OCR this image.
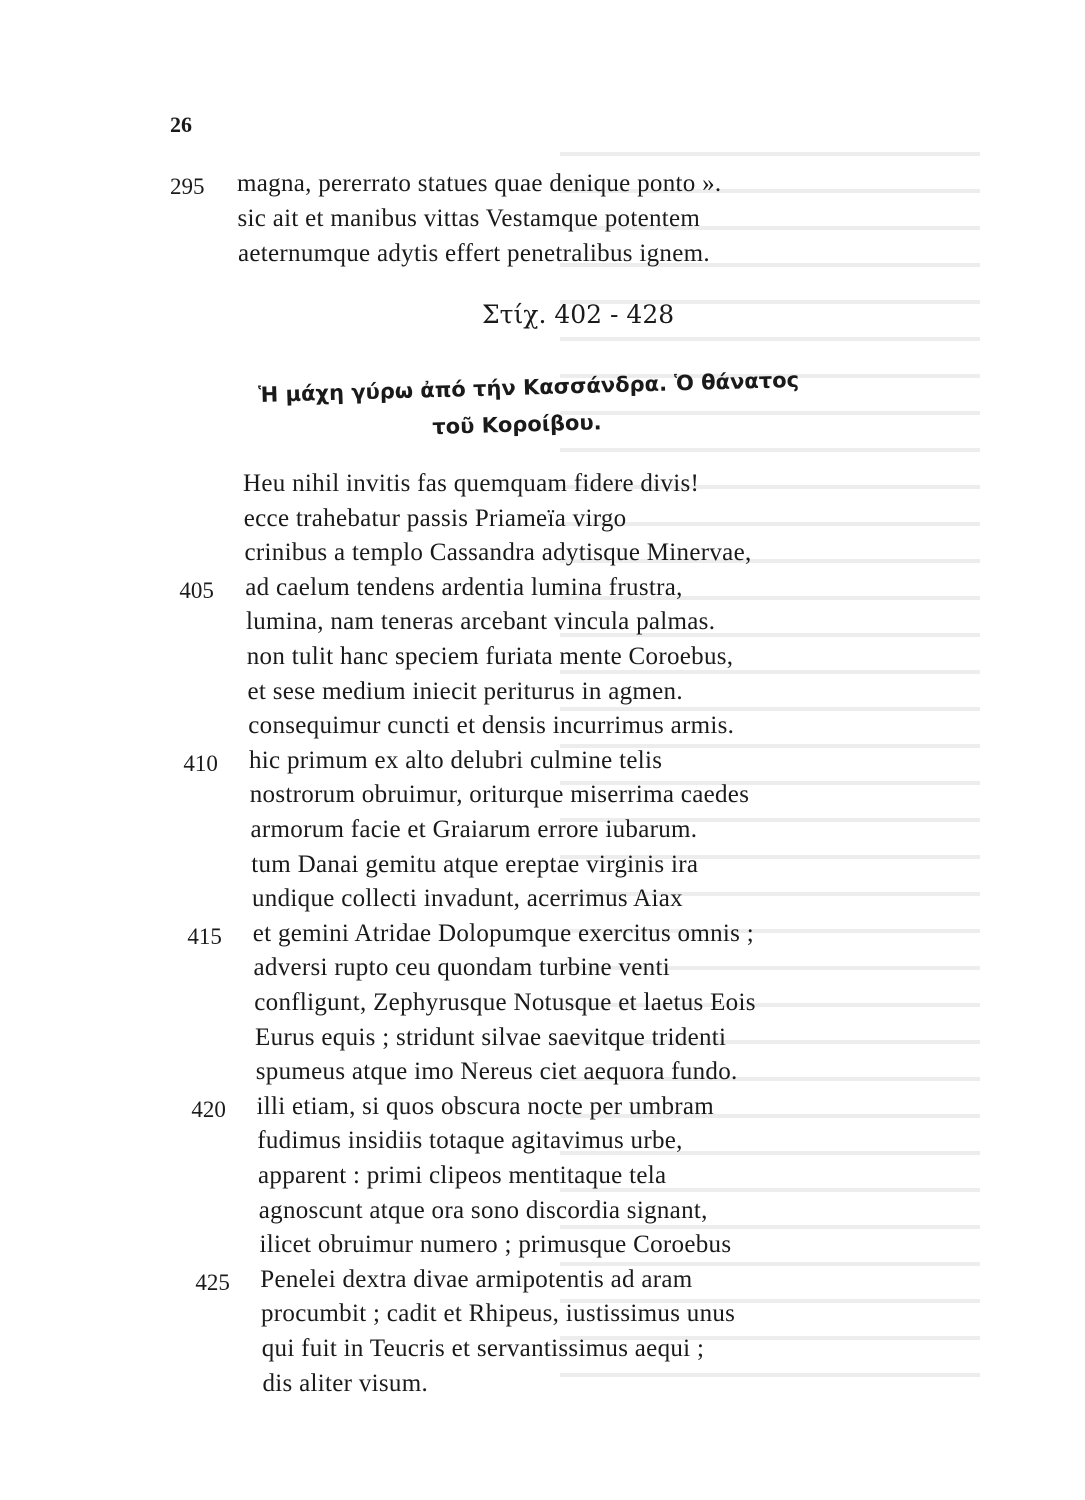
26
295 magna, pererrato statues quae denique ponto ».
sic ait et manibus vittas Vestamque potentem
aeternumque adytis effert penetralibus ignem.
Στίχ. 402 - 428
Ἡ μάχη γύρω ἀπό τήν Κασσάνδρα. Ὁ θάνατος
τοῦ Κοροίβου.
Heu nihil invitis fas quemquam fidere divis!
ecce trahebatur passis Priameïa virgo
crinibus a templo Cassandra adytisque Minervae,
405 ad caelum tendens ardentia lumina frustra,
lumina, nam teneras arcebant vincula palmas.
non tulit hanc speciem furiata mente Coroebus,
et sese medium iniecit periturus in agmen.
consequimur cuncti et densis incurrimus armis.
410 hic primum ex alto delubri culmine telis
nostrorum obruimur, oriturque miserrima caedes
armorum facie et Graiarum errore iubarum.
tum Danai gemitu atque ereptae virginis ira
undique collecti invadunt, acerrimus Aiax
415 et gemini Atridae Dolopumque exercitus omnis ;
adversi rupto ceu quondam turbine venti
confligunt, Zephyrusque Notusque et laetus Eois
Eurus equis ; stridunt silvae saevitque tridenti
spumeus atque imo Nereus ciet aequora fundo.
420 illi etiam, si quos obscura nocte per umbram
fudimus insidiis totaque agitavimus urbe,
apparent : primi clipeos mentitaque tela
agnoscunt atque ora sono discordia signant,
ilicet obruimur numero ; primusque Coroebus
425 Penelei dextra divae armipotentis ad aram
procumbit ; cadit et Rhipeus, iustissimus unus
qui fuit in Teucris et servantissimus aequi ;
dis aliter visum.
